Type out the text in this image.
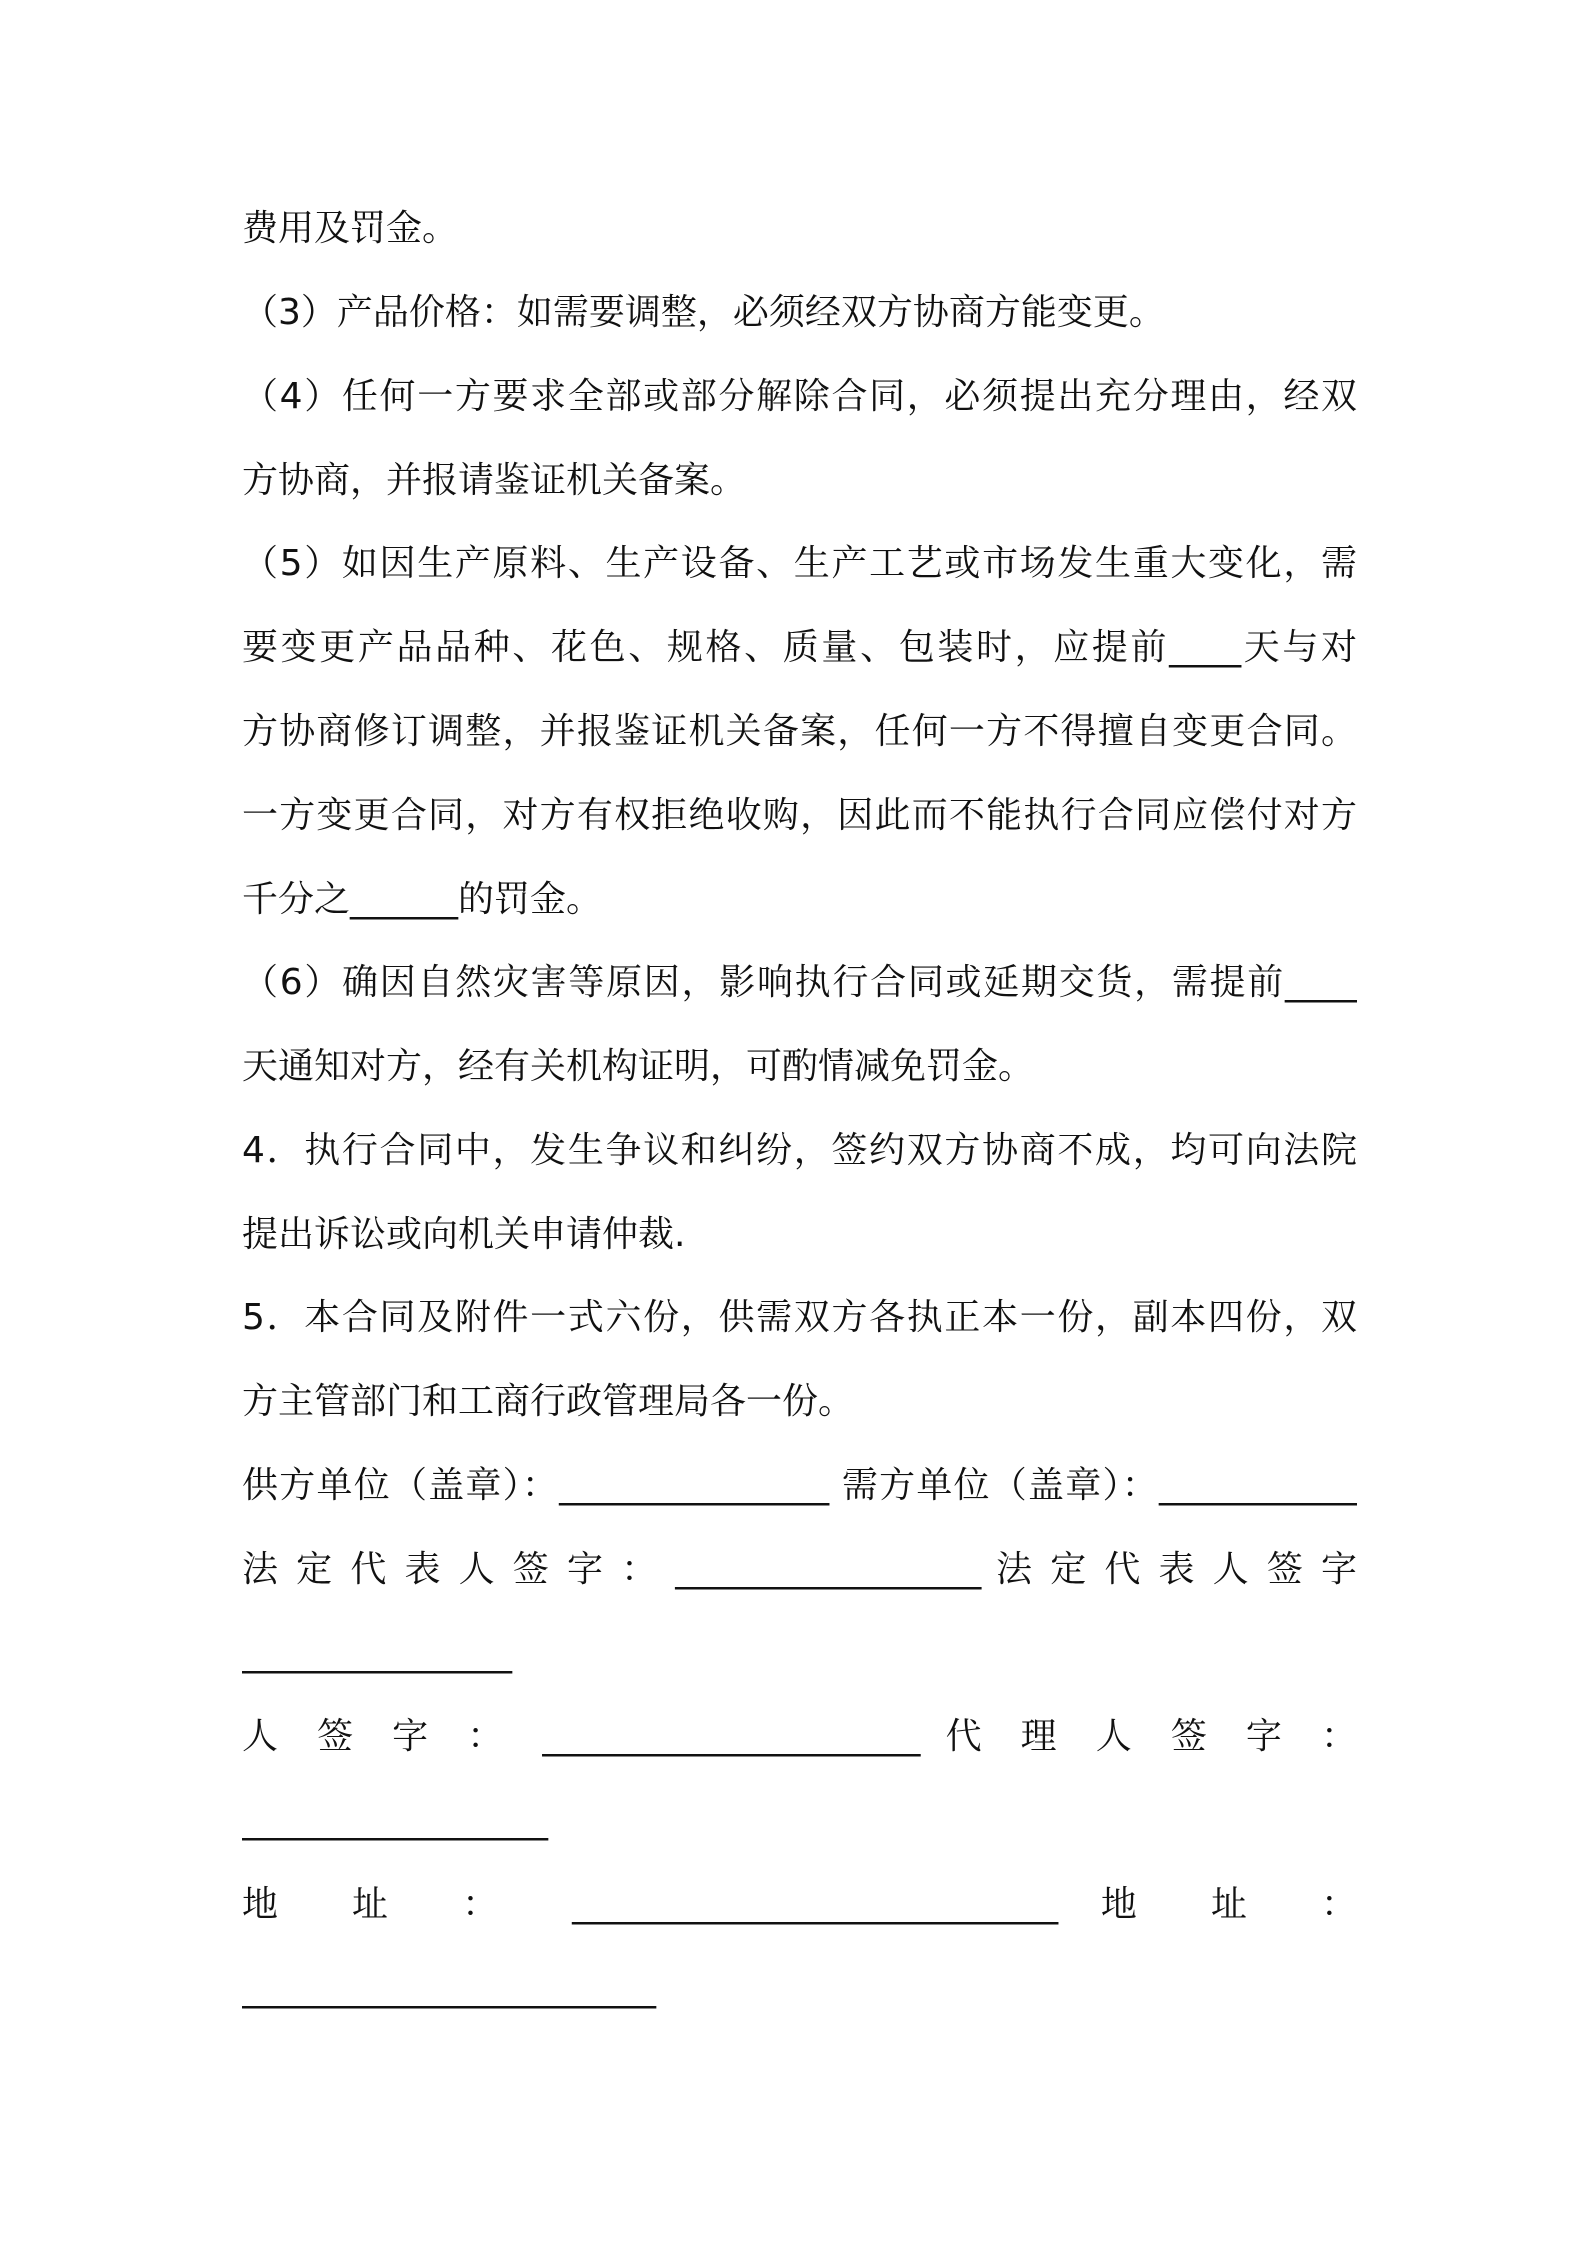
费用及罚金。
（3）产品价格：如需要调整，必须经双方协商方能变更。
（4）任何一方要求全部或部分解除合同，必须提出充分理由，经双
方协商，并报请鉴证机关备案。
（5）如因生产原料、生产设备、生产工艺或市场发生重大变化，需
要变更产品品种、花色、规格、质量、包装时，应提前____天与对
方协商修订调整，并报鉴证机关备案，任何一方不得擅自变更合同。
一方变更合同，对方有权拒绝收购，因此而不能执行合同应偿付对方
千分之______的罚金。
（6）确因自然灾害等原因，影响执行合同或延期交货，需提前____
天通知对方，经有关机构证明，可酌情减免罚金。
4．执行合同中，发生争议和纠纷，签约双方协商不成，均可向法院
提出诉讼或向机关申请仲裁.
5．本合同及附件一式六份，供需双方各执正本一份，副本四份，双
方主管部门和工商行政管理局各一份。
供方单位（盖章）：_______________ 需方单位（盖章）：___________
法 定 代 表 人 签 字 ： _________________ 法 定 代 表 人 签 字
_______________
人 签 字 ： _____________________ 代 理 人 签 字 ：
_________________
地 址 ： ___________________________ 地 址 ：
_______________________
